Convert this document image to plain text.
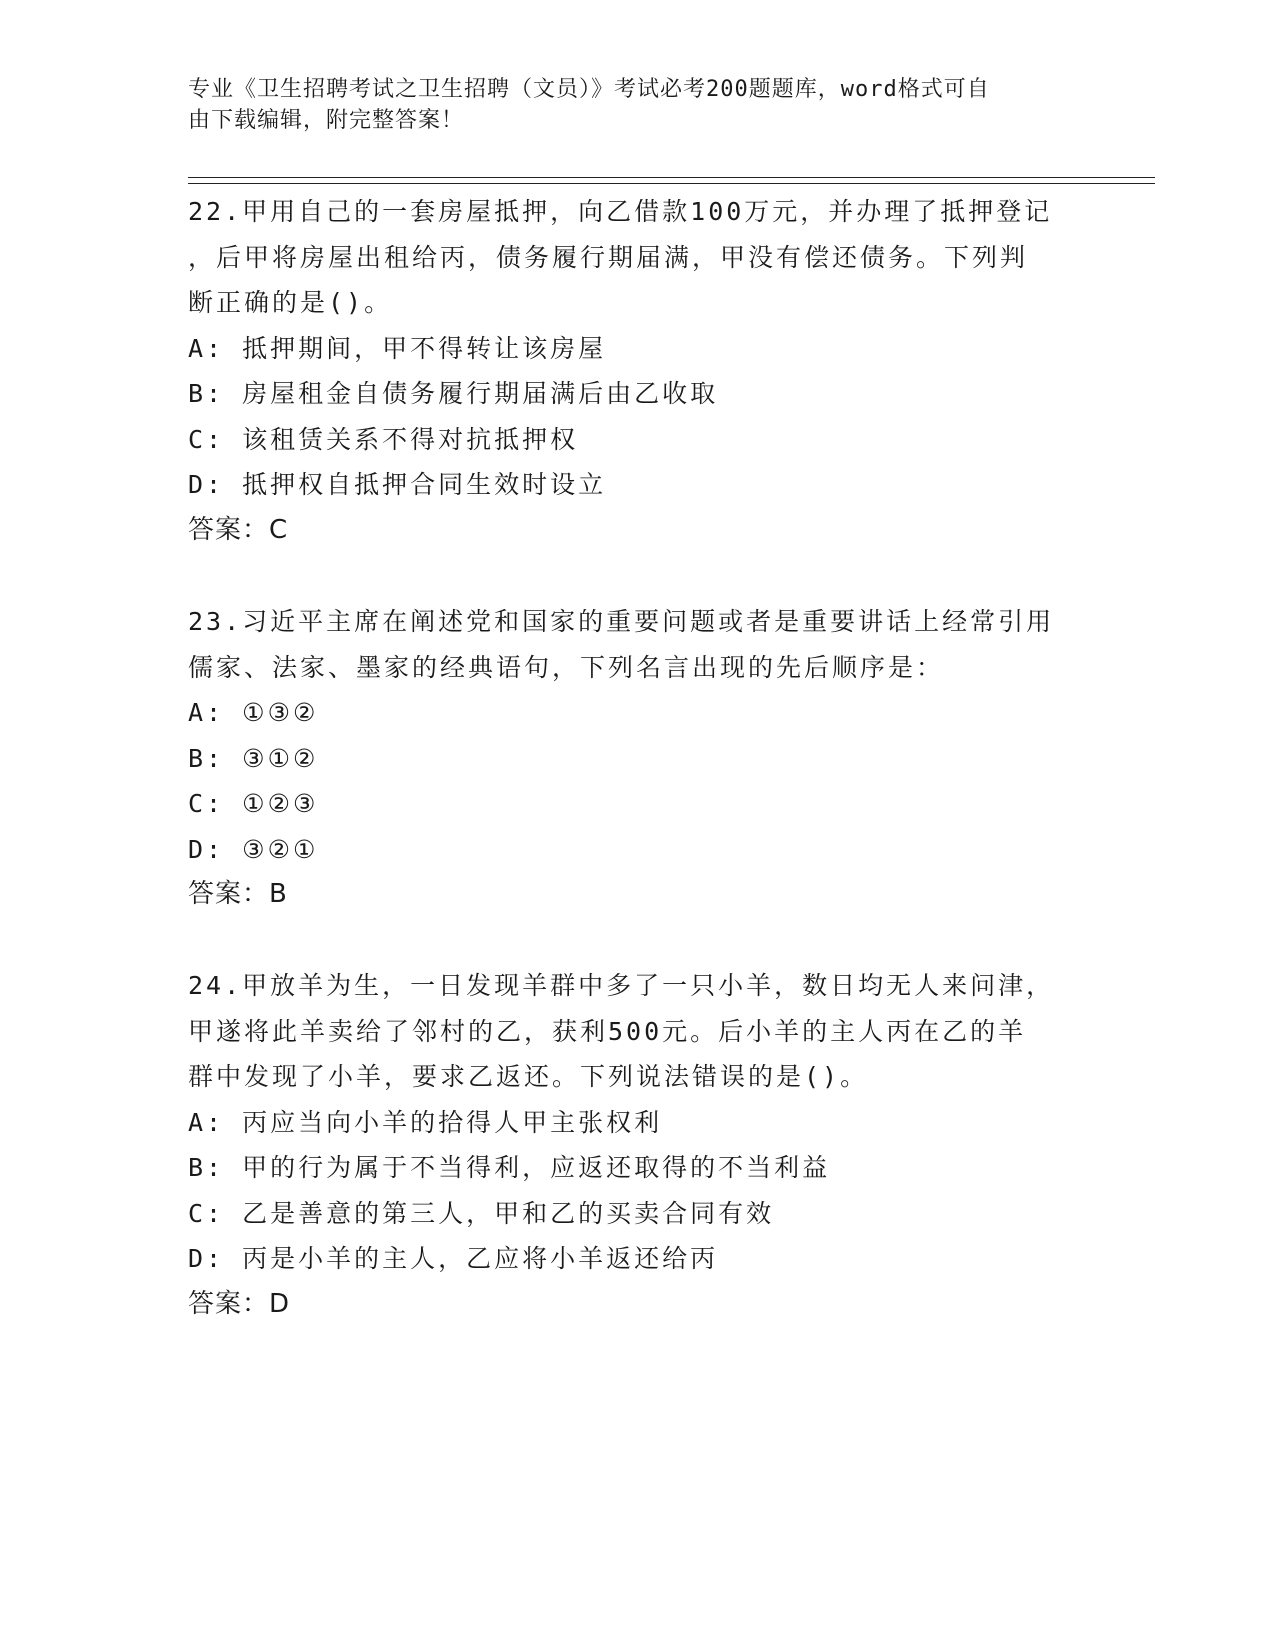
专业《卫生招聘考试之卫生招聘（文员）》考试必考200题题库，word格式可自
由下载编辑，附完整答案！
22.甲用自己的一套房屋抵押，向乙借款100万元，并办理了抵押登记
，后甲将房屋出租给丙，债务履行期届满，甲没有偿还债务。下列判
断正确的是()。
A: 抵押期间，甲不得转让该房屋
B: 房屋租金自债务履行期届满后由乙收取
C: 该租赁关系不得对抗抵押权
D: 抵押权自抵押合同生效时设立
答案：C
23.习近平主席在阐述党和国家的重要问题或者是重要讲话上经常引用
儒家、法家、墨家的经典语句，下列名言出现的先后顺序是：
A: ①③②
B: ③①②
C: ①②③
D: ③②①
答案：B
24.甲放羊为生，一日发现羊群中多了一只小羊，数日均无人来问津，
甲遂将此羊卖给了邻村的乙，获利500元。后小羊的主人丙在乙的羊
群中发现了小羊，要求乙返还。下列说法错误的是()。
A: 丙应当向小羊的拾得人甲主张权利
B: 甲的行为属于不当得利，应返还取得的不当利益
C: 乙是善意的第三人，甲和乙的买卖合同有效
D: 丙是小羊的主人，乙应将小羊返还给丙
答案：D
